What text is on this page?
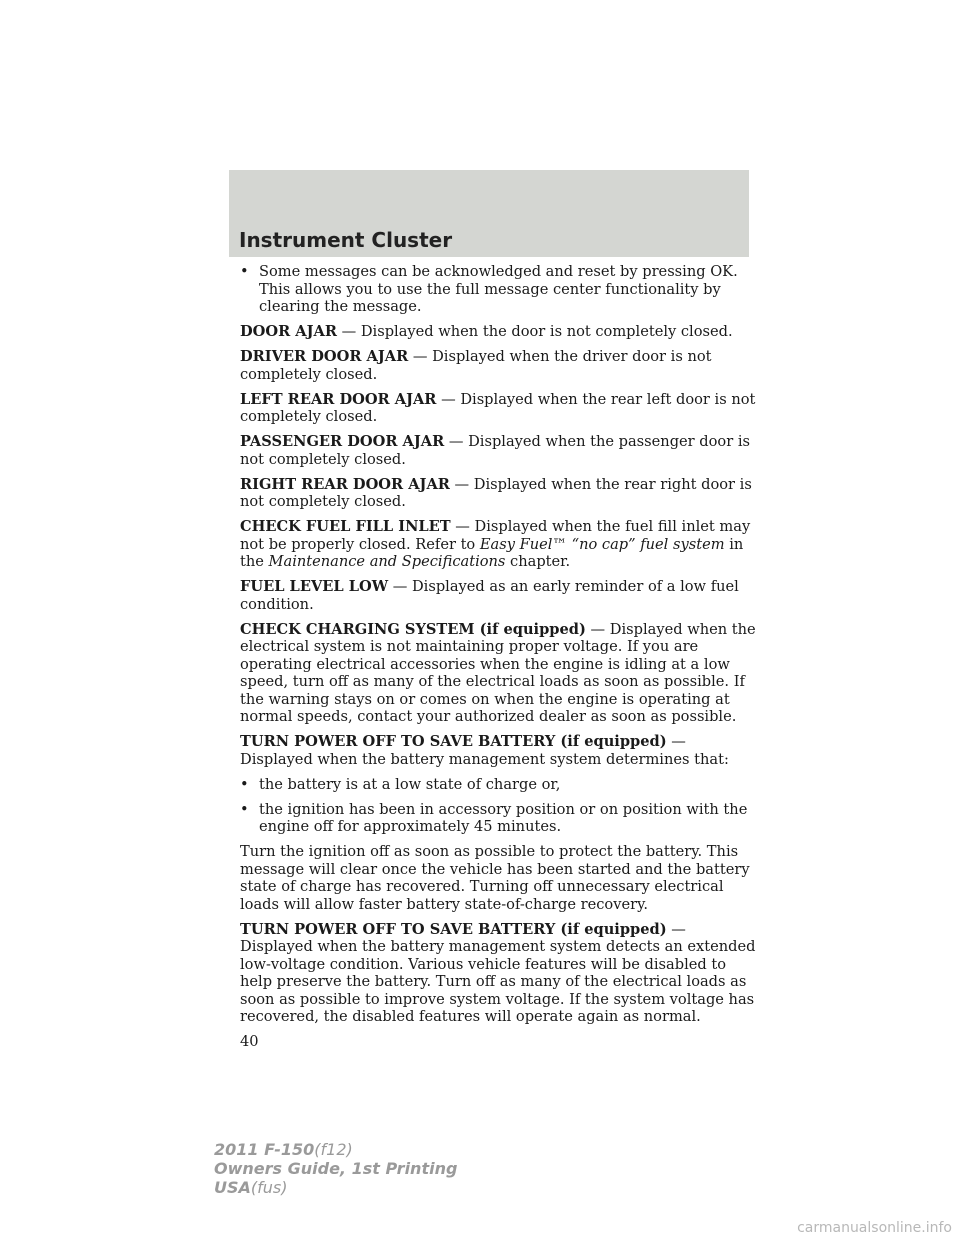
Instrument Cluster
• Some messages can be acknowledged and reset by pressing OK. This allows you to use the full message center functionality by clearing the message.

DOOR AJAR — Displayed when the door is not completely closed.

DRIVER DOOR AJAR — Displayed when the driver door is not completely closed.

LEFT REAR DOOR AJAR — Displayed when the rear left door is not completely closed.

PASSENGER DOOR AJAR — Displayed when the passenger door is not completely closed.

RIGHT REAR DOOR AJAR — Displayed when the rear right door is not completely closed.

CHECK FUEL FILL INLET — Displayed when the fuel fill inlet may not be properly closed. Refer to Easy Fuel™ “no cap” fuel system in the Maintenance and Specifications chapter.

FUEL LEVEL LOW — Displayed as an early reminder of a low fuel condition.

CHECK CHARGING SYSTEM (if equipped) — Displayed when the electrical system is not maintaining proper voltage. If you are operating electrical accessories when the engine is idling at a low speed, turn off as many of the electrical loads as soon as possible. If the warning stays on or comes on when the engine is operating at normal speeds, contact your authorized dealer as soon as possible.

TURN POWER OFF TO SAVE BATTERY (if equipped) — Displayed when the battery management system determines that:

• the battery is at a low state of charge or,
• the ignition has been in accessory position or on position with the engine off for approximately 45 minutes.

Turn the ignition off as soon as possible to protect the battery. This message will clear once the vehicle has been started and the battery state of charge has recovered. Turning off unnecessary electrical loads will allow faster battery state-of-charge recovery.

TURN POWER OFF TO SAVE BATTERY (if equipped) — Displayed when the battery management system detects an extended low-voltage condition. Various vehicle features will be disabled to help preserve the battery. Turn off as many of the electrical loads as soon as possible to improve system voltage. If the system voltage has recovered, the disabled features will operate again as normal.

40

2011 F-150(f12)
Owners Guide, 1st Printing
USA(fus)
carmanualsonline.info
